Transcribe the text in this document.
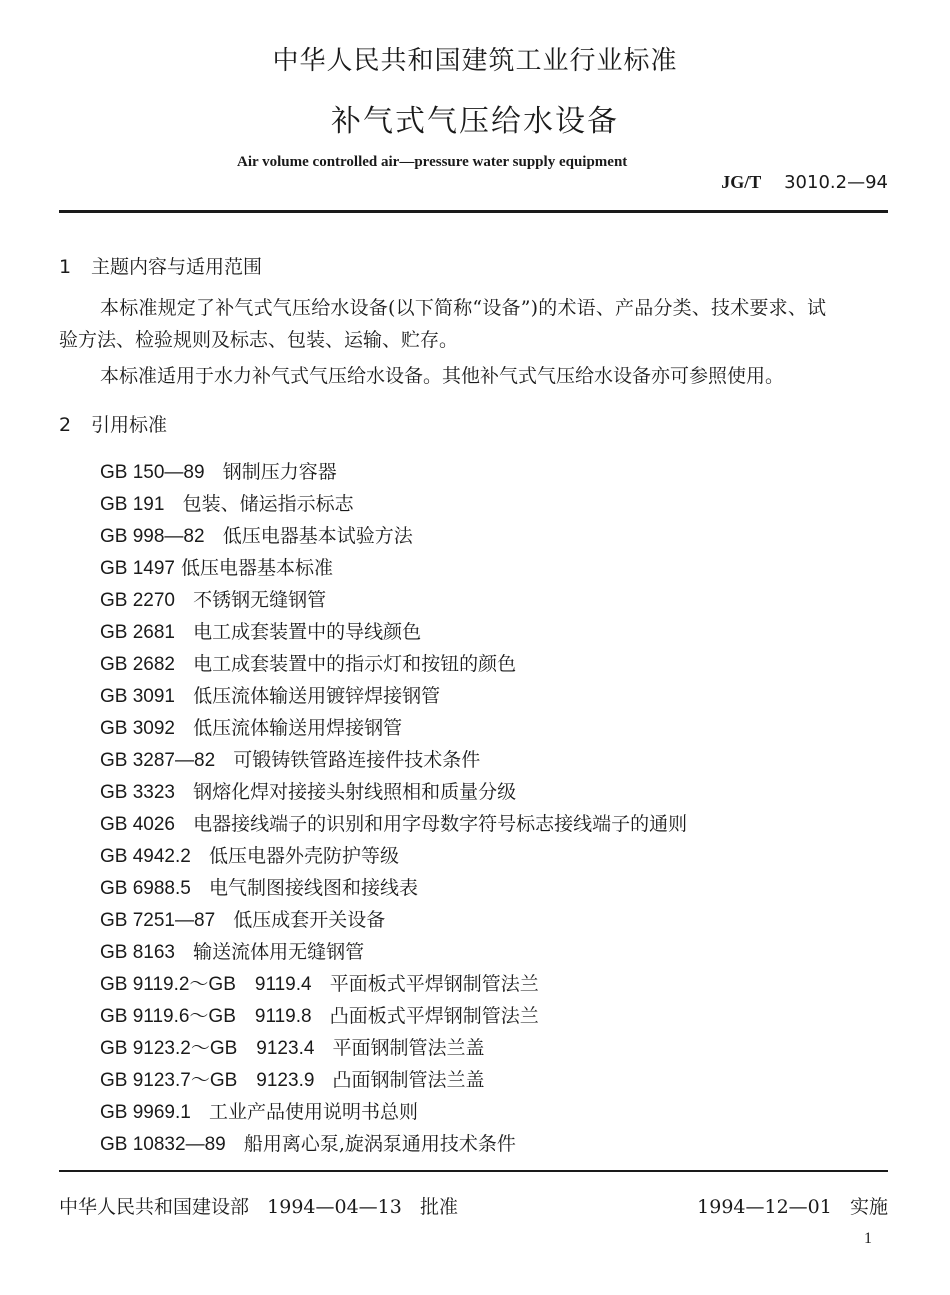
中华人民共和国建筑工业行业标准
补气式气压给水设备
Air volume controlled air—pressure water supply equipment
JG/T 3010.2—94
1 主题内容与适用范围
本标准规定了补气式气压给水设备(以下简称“设备”)的术语、产品分类、技术要求、试
验方法、检验规则及标志、包装、运输、贮存。
本标准适用于水力补气式气压给水设备。其他补气式气压给水设备亦可参照使用。
2 引用标准
GB 150—89 钢制压力容器
GB 191 包装、储运指示标志
GB 998—82 低压电器基本试验方法
GB 1497 低压电器基本标准
GB 2270 不锈钢无缝钢管
GB 2681 电工成套装置中的导线颜色
GB 2682 电工成套装置中的指示灯和按钮的颜色
GB 3091 低压流体输送用镀锌焊接钢管
GB 3092 低压流体输送用焊接钢管
GB 3287—82 可锻铸铁管路连接件技术条件
GB 3323 钢熔化焊对接接头射线照相和质量分级
GB 4026 电器接线端子的识别和用字母数字符号标志接线端子的通则
GB 4942.2 低压电器外壳防护等级
GB 6988.5 电气制图接线图和接线表
GB 7251—87 低压成套开关设备
GB 8163 输送流体用无缝钢管
GB 9119.2～GB　9119.4 平面板式平焊钢制管法兰
GB 9119.6～GB　9119.8 凸面板式平焊钢制管法兰
GB 9123.2～GB　9123.4 平面钢制管法兰盖
GB 9123.7～GB　9123.9 凸面钢制管法兰盖
GB 9969.1 工业产品使用说明书总则
GB 10832—89 船用离心泵,旋涡泵通用技术条件
中华人民共和国建设部 1994—04—13 批准	1994—12—01 实施
1
